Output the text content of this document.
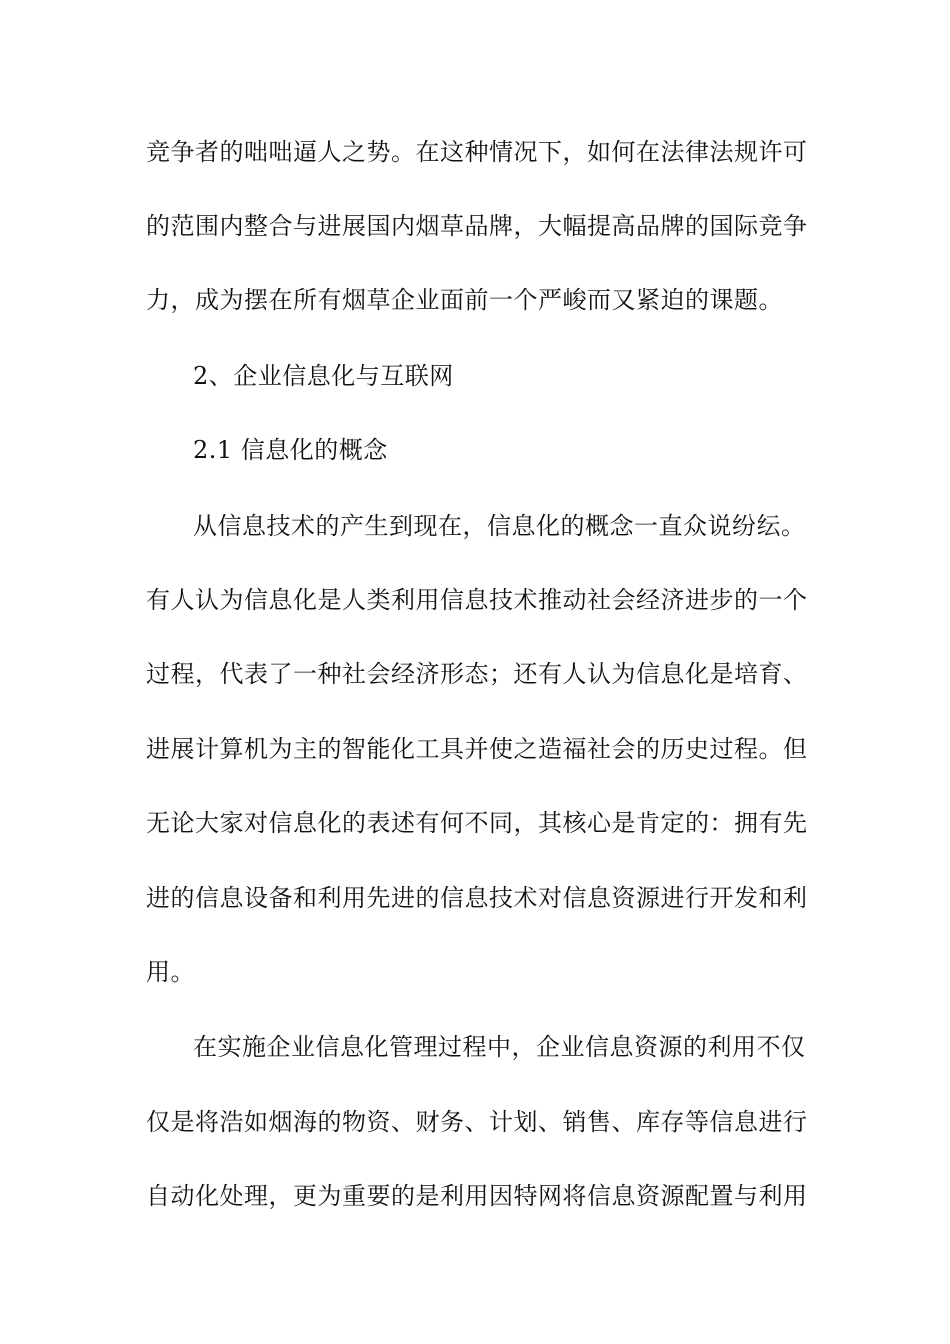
竞争者的咄咄逼人之势。在这种情况下，如何在法律法规许可
的范围内整合与进展国内烟草品牌，大幅提高品牌的国际竞争
力，成为摆在所有烟草企业面前一个严峻而又紧迫的课题。
2、企业信息化与互联网
2.1 信息化的概念
从信息技术的产生到现在，信息化的概念一直众说纷纭。
有人认为信息化是人类利用信息技术推动社会经济进步的一个
过程，代表了一种社会经济形态；还有人认为信息化是培育、
进展计算机为主的智能化工具并使之造福社会的历史过程。但
无论大家对信息化的表述有何不同，其核心是肯定的：拥有先
进的信息设备和利用先进的信息技术对信息资源进行开发和利
用。
在实施企业信息化管理过程中，企业信息资源的利用不仅
仅是将浩如烟海的物资、财务、计划、销售、库存等信息进行
自动化处理，更为重要的是利用因特网将信息资源配置与利用
